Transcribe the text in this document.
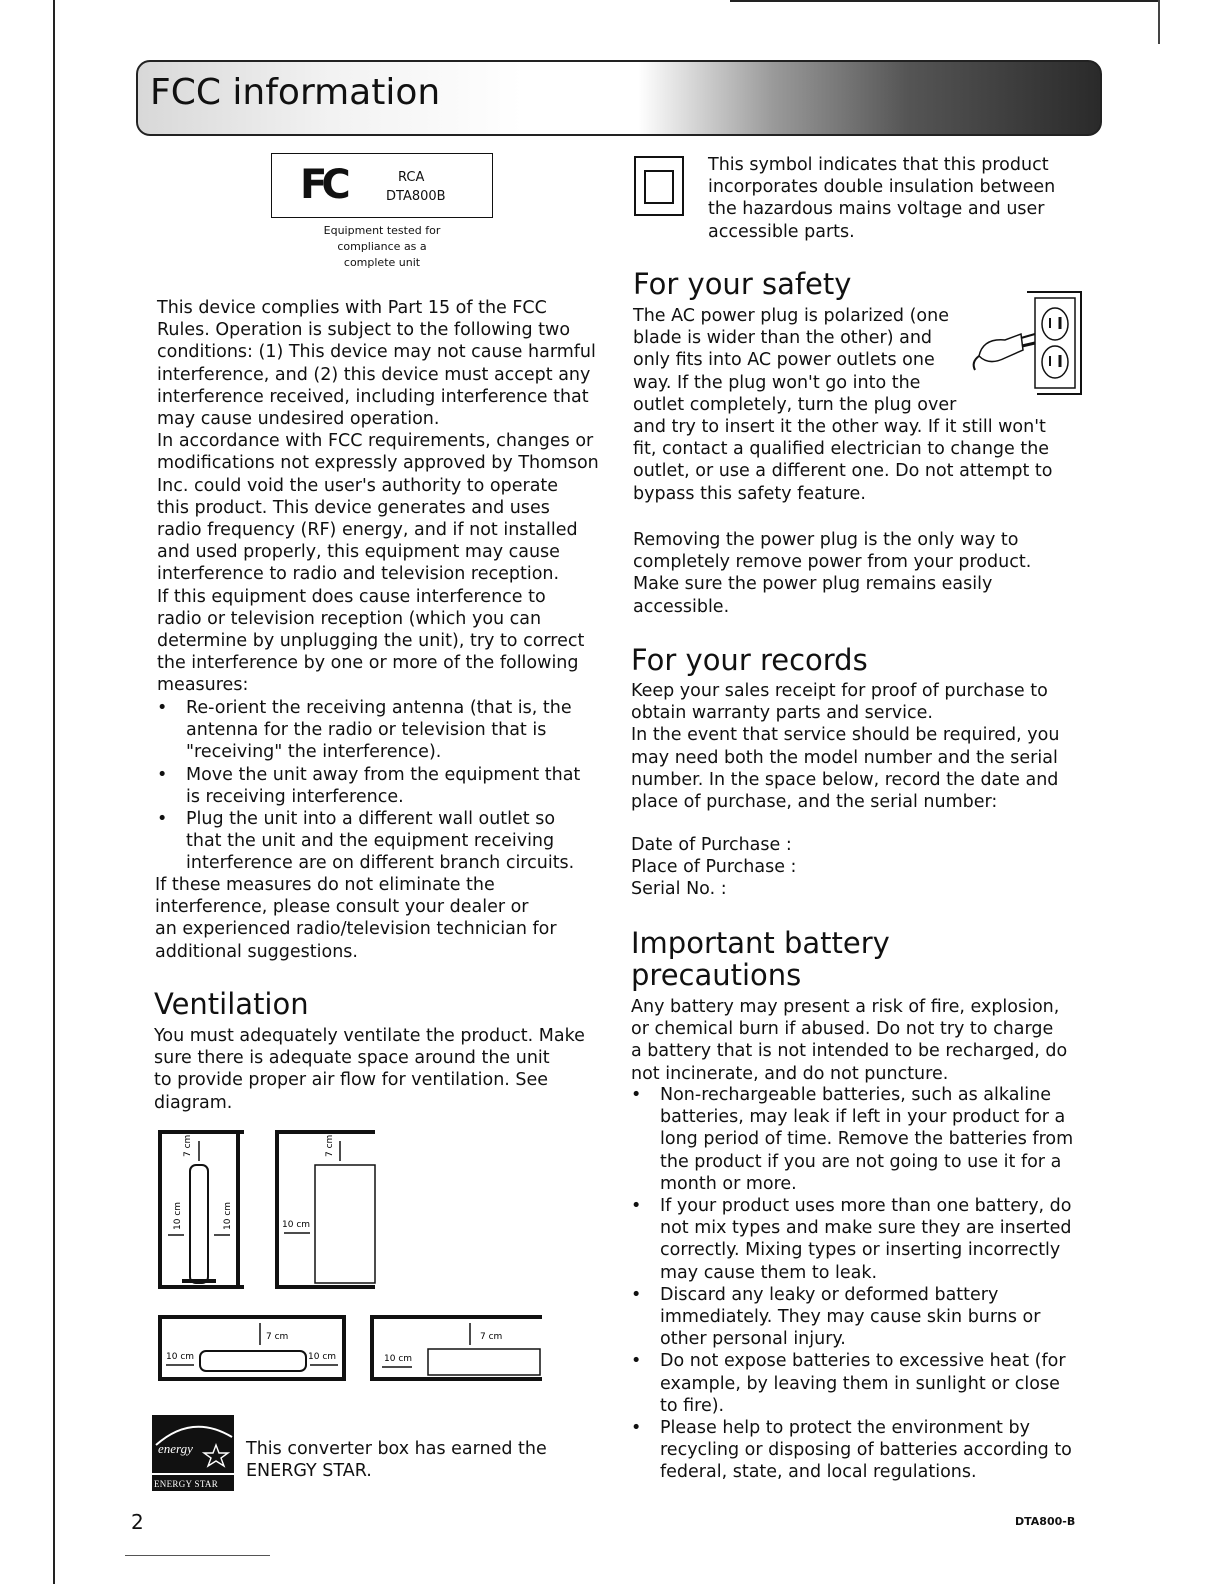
FCC information
FC	RCA
DTA800B
Equipment tested for
compliance as a
complete unit
This device complies with Part 15 of the FCC
Rules. Operation is subject to the following two
conditions: (1) This device may not cause harmful
interference, and (2) this device must accept any
interference received, including interference that
may cause undesired operation.
In accordance with FCC requirements, changes or
modifications not expressly approved by Thomson
Inc. could void the user's authority to operate
this product. This device generates and uses
radio frequency (RF) energy, and if not installed
and used properly, this equipment may cause
interference to radio and television reception.
If this equipment does cause interference to
radio or television reception (which you can
determine by unplugging the unit), try to correct
the interference by one or more of the following
measures:
• Re-orient the receiving antenna (that is, the
antenna for the radio or television that is
"receiving" the interference).
• Move the unit away from the equipment that
is receiving interference.
• Plug the unit into a different wall outlet so
that the unit and the equipment receiving
interference are on different branch circuits.
If these measures do not eliminate the
interference, please consult your dealer or
an experienced radio/television technician for
additional suggestions.
Ventilation
You must adequately ventilate the product. Make
sure there is adequate space around the unit
to provide proper air flow for ventilation. See
diagram.
7 cm
10 cm	10 cm
7 cm
10 cm
7 cm
10 cm	10 cm
7 cm
10 cm
energy
ENERGY STAR
This converter box has earned the
ENERGY STAR.
This symbol indicates that this product
incorporates double insulation between
the hazardous mains voltage and user
accessible parts.
For your safety
The AC power plug is polarized (one
blade is wider than the other) and
only fits into AC power outlets one
way. If the plug won't go into the
outlet completely, turn the plug over
and try to insert it the other way. If it still won't
fit, contact a qualified electrician to change the
outlet, or use a different one. Do not attempt to
bypass this safety feature.
Removing the power plug is the only way to
completely remove power from your product.
Make sure the power plug remains easily
accessible.
For your records
Keep your sales receipt for proof of purchase to
obtain warranty parts and service.
In the event that service should be required, you
may need both the model number and the serial
number. In the space below, record the date and
place of purchase, and the serial number:
Date of Purchase :
Place of Purchase :
Serial No. :
Important battery
precautions
Any battery may present a risk of fire, explosion,
or chemical burn if abused. Do not try to charge
a battery that is not intended to be recharged, do
not incinerate, and do not puncture.
• Non-rechargeable batteries, such as alkaline
batteries, may leak if left in your product for a
long period of time. Remove the batteries from
the product if you are not going to use it for a
month or more.
• If your product uses more than one battery, do
not mix types and make sure they are inserted
correctly. Mixing types or inserting incorrectly
may cause them to leak.
• Discard any leaky or deformed battery
immediately. They may cause skin burns or
other personal injury.
• Do not expose batteries to excessive heat (for
example, by leaving them in sunlight or close
to fire).
• Please help to protect the environment by
recycling or disposing of batteries according to
federal, state, and local regulations.
2	DTA800-B
